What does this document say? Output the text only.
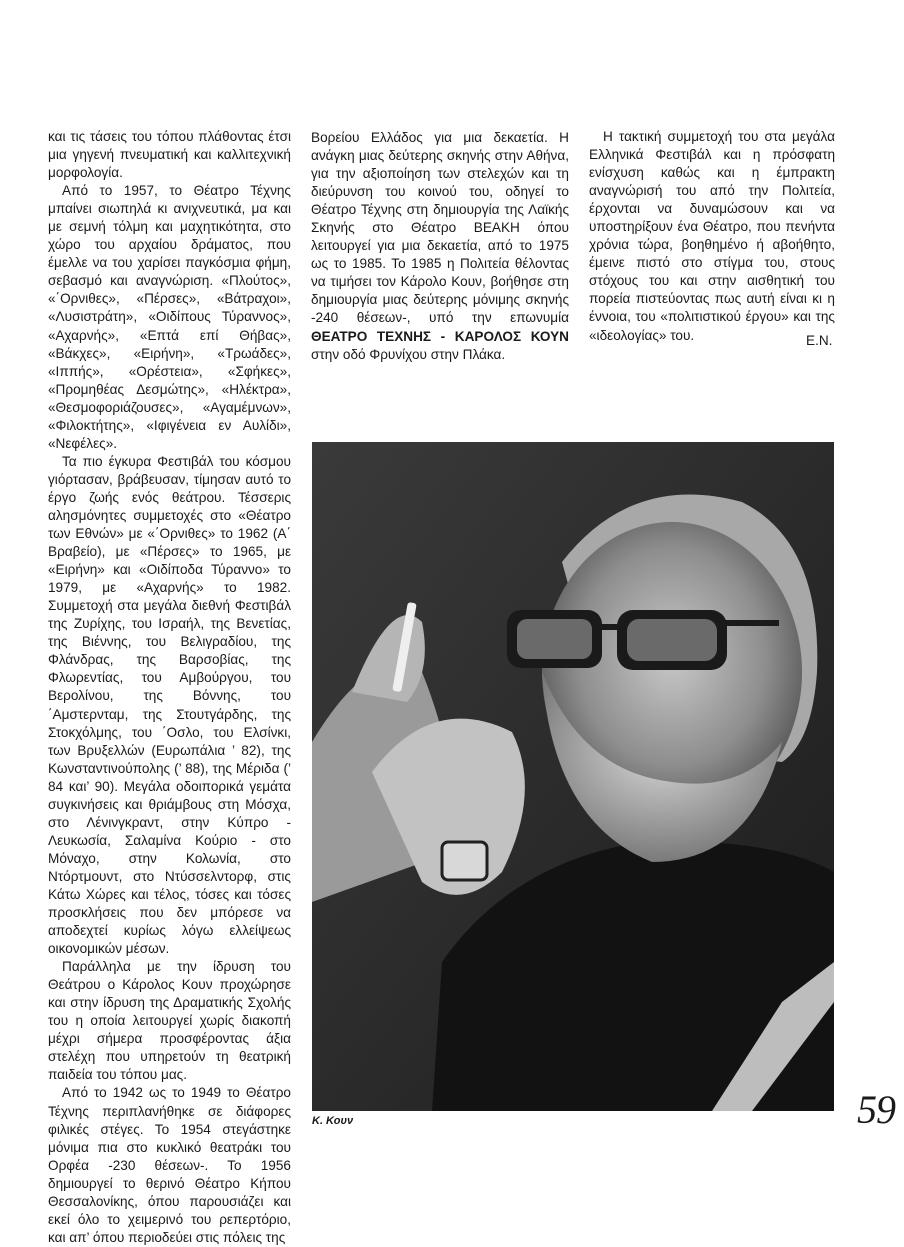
και τις τάσεις του τόπου πλάθοντας έτσι μια γηγενή πνευματική και καλλιτεχνική μορφολογία.

Από το 1957, το Θέατρο Τέχνης μπαίνει σιωπηλά κι ανιχνευτικά, μα και με σεμνή τόλμη και μαχητικότητα, στο χώρο του αρχαίου δράματος, που έμελλε να του χαρίσει παγκόσμια φήμη, σεβασμό και αναγνώριση. «Πλούτος», «΄Ορνιθες», «Πέρσες», «Βάτραχοι», «Λυσιστράτη», «Οιδίπους Τύραννος», «Αχαρνής», «Επτά επί Θήβας», «Βάκχες», «Ειρήνη», «Τρωάδες», «Ιππής», «Ορέστεια», «Σφήκες», «Προμηθέας Δεσμώτης», «Ηλέκτρα», «Θεσμοφοριάζουσες», «Αγαμέμνων», «Φιλοκτήτης», «Ιφιγένεια εν Αυλίδι», «Νεφέλες».

Τα πιο έγκυρα Φεστιβάλ του κόσμου γιόρτασαν, βράβευσαν, τίμησαν αυτό το έργο ζωής ενός θεάτρου. Τέσσερις αλησμόνητες συμμετοχές στο «Θέατρο των Εθνών» με «΄Ορνιθες» το 1962 (Α΄ Βραβείο), με «Πέρσες» το 1965, με «Ειρήνη» και «Οιδίποδα Τύραννο» το 1979, με «Αχαρνής» το 1982. Συμμετοχή στα μεγάλα διεθνή Φεστιβάλ της Ζυρίχης, του Ισραήλ, της Βενετίας, της Βιέννης, του Βελιγραδίου, της Φλάνδρας, της Βαρσοβίας, της Φλωρεντίας, του Αμβούργου, του Βερολίνου, της Βόννης, του ΄Αμστερνταμ, της Στουτγάρδης, της Στοκχόλμης, του ΄Οσλο, του Ελσίνκι, των Βρυξελλών (Ευρωπάλια ’ 82), της Κωνσταντινούπολης (’ 88), της Μέριδα (’ 84 και’ 90). Μεγάλα οδοιπορικά γεμάτα συγκινήσεις και θριάμβους στη Μόσχα, στο Λένινγκραντ, στην Κύπρο - Λευκωσία, Σαλαμίνα Κούριο - στο Μόναχο, στην Κολωνία, στο Ντόρτμουντ, στο Ντύσσελντορφ, στις Κάτω Χώρες και τέλος, τόσες και τόσες προσκλήσεις που δεν μπόρεσε να αποδεχτεί κυρίως λόγω ελλείψεως οικονομικών μέσων.

Παράλληλα με την ίδρυση του Θεάτρου ο Κάρολος Κουν προχώρησε και στην ίδρυση της Δραματικής Σχολής του η οποία λειτουργεί χωρίς διακοπή μέχρι σήμερα προσφέροντας άξια στελέχη που υπηρετούν τη θεατρική παιδεία του τόπου μας.

Από το 1942 ως το 1949 το Θέατρο Τέχνης περιπλανήθηκε σε διάφορες φιλικές στέγες. Το 1954 στεγάστηκε μόνιμα πια στο κυκλικό θεατράκι του Ορφέα -230 θέσεων-. Το 1956 δημιουργεί το θερινό Θέατρο Κήπου Θεσσαλονίκης, όπου παρουσιάζει και εκεί όλο το χειμερινό του ρεπερτόριο, και απ’ όπου περιοδεύει στις πόλεις της

Βορείου Ελλάδος για μια δεκαετία. Η ανάγκη μιας δεύτερης σκηνής στην Αθήνα, για την αξιοποίηση των στελεχών και τη διεύρυνση του κοινού του, οδηγεί το Θέατρο Τέχνης στη δημιουργία της Λαϊκής Σκηνής στο Θέατρο ΒΕΑΚΗ όπου λειτουργεί για μια δεκαετία, από το 1975 ως το 1985. Το 1985 η Πολιτεία θέλοντας να τιμήσει τον Κάρολο Κουν, βοήθησε στη δημιουργία μιας δεύτερης μόνιμης σκηνής -240 θέσεων-, υπό την επωνυμία ΘΕΑΤΡΟ ΤΕΧΝΗΣ - ΚΑΡΟΛΟΣ ΚΟΥΝ στην οδό Φρυνίχου στην Πλάκα.

Η τακτική συμμετοχή του στα μεγάλα Ελληνικά Φεστιβάλ και η πρόσφατη ενίσχυση καθώς και η έμπρακτη αναγνώρισή του από την Πολιτεία, έρχονται να δυναμώσουν και να υποστηρίξουν ένα Θέατρο, που πενήντα χρόνια τώρα, βοηθημένο ή αβοήθητο, έμεινε πιστό στο στίγμα του, στους στόχους του και στην αισθητική του πορεία πιστεύοντας πως αυτή είναι κι η έννοια, του «πολιτιστικού έργου» και της «ιδεολογίας» του.	Ε.Ν.
Κ. Κουν	59
